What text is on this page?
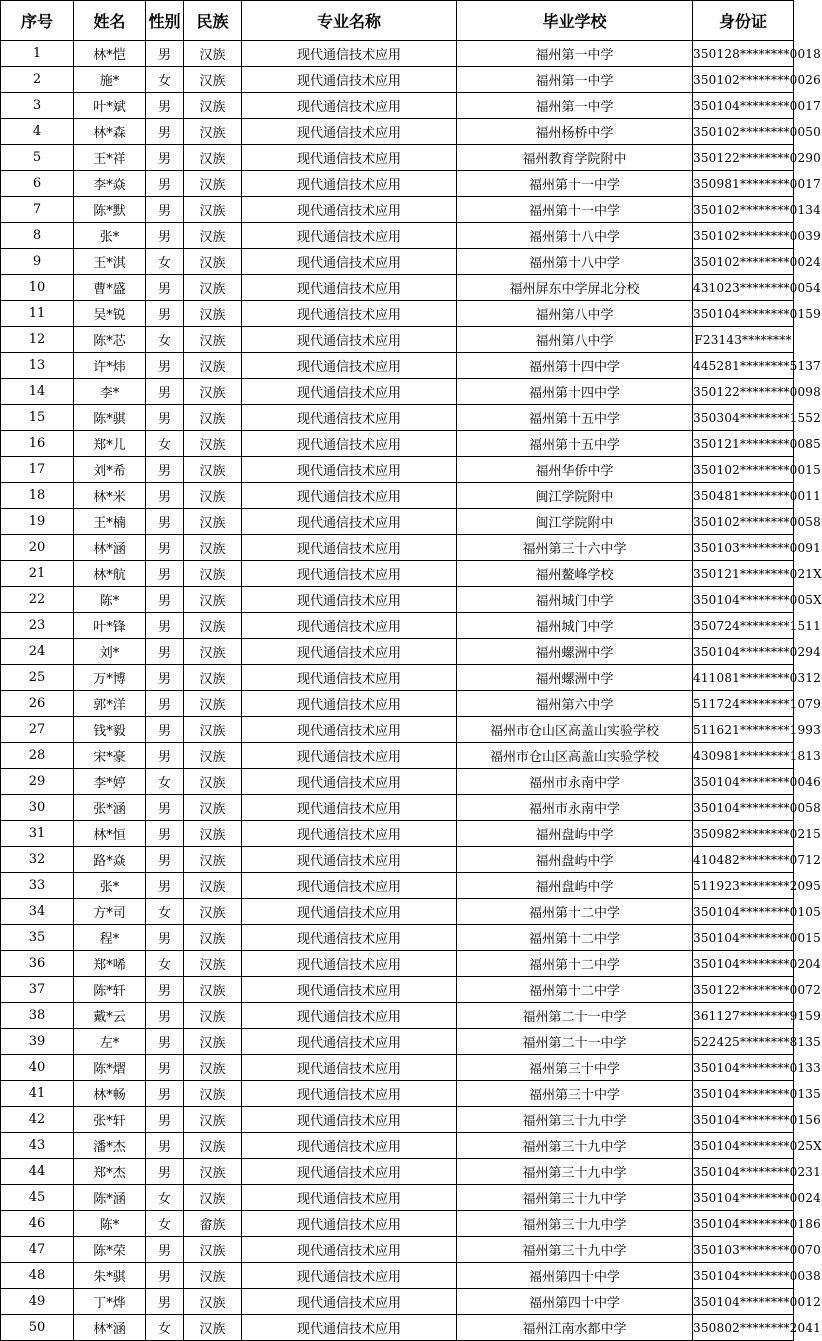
序号	姓名	性别	民族	专业名称	毕业学校	身份证
1	林*恺	男	汉族	现代通信技术应用	福州第一中学	350128********0018
2	施*	女	汉族	现代通信技术应用	福州第一中学	350102********0026
3	叶*斌	男	汉族	现代通信技术应用	福州第一中学	350104********0017
4	林*森	男	汉族	现代通信技术应用	福州杨桥中学	350102********0050
5	王*祥	男	汉族	现代通信技术应用	福州教育学院附中	350122********0290
6	李*焱	男	汉族	现代通信技术应用	福州第十一中学	350981********0017
7	陈*默	男	汉族	现代通信技术应用	福州第十一中学	350102********0134
8	张*	男	汉族	现代通信技术应用	福州第十八中学	350102********0039
9	王*淇	女	汉族	现代通信技术应用	福州第十八中学	350102********0024
10	曹*盛	男	汉族	现代通信技术应用	福州屏东中学屏北分校	431023********0054
11	吴*锐	男	汉族	现代通信技术应用	福州第八中学	350104********0159
12	陈*芯	女	汉族	现代通信技术应用	福州第八中学	F23143********
13	许*炜	男	汉族	现代通信技术应用	福州第十四中学	445281********5137
14	李*	男	汉族	现代通信技术应用	福州第十四中学	350122********0098
15	陈*骐	男	汉族	现代通信技术应用	福州第十五中学	350304********1552
16	郑*儿	女	汉族	现代通信技术应用	福州第十五中学	350121********0085
17	刘*希	男	汉族	现代通信技术应用	福州华侨中学	350102********0015
18	林*米	男	汉族	现代通信技术应用	闽江学院附中	350481********0011
19	王*楠	男	汉族	现代通信技术应用	闽江学院附中	350102********0058
20	林*涵	男	汉族	现代通信技术应用	福州第三十六中学	350103********0091
21	林*航	男	汉族	现代通信技术应用	福州鳌峰学校	350121********021X
22	陈*	男	汉族	现代通信技术应用	福州城门中学	350104********005X
23	叶*锋	男	汉族	现代通信技术应用	福州城门中学	350724********1511
24	刘*	男	汉族	现代通信技术应用	福州螺洲中学	350104********0294
25	万*博	男	汉族	现代通信技术应用	福州螺洲中学	411081********0312
26	郭*洋	男	汉族	现代通信技术应用	福州第六中学	511724********1079
27	钱*毅	男	汉族	现代通信技术应用	福州市仓山区高盖山实验学校	511621********1993
28	宋*豪	男	汉族	现代通信技术应用	福州市仓山区高盖山实验学校	430981********1813
29	李*婷	女	汉族	现代通信技术应用	福州市永南中学	350104********0046
30	张*涵	男	汉族	现代通信技术应用	福州市永南中学	350104********0058
31	林*恒	男	汉族	现代通信技术应用	福州盘屿中学	350982********0215
32	路*焱	男	汉族	现代通信技术应用	福州盘屿中学	410482********0712
33	张*	男	汉族	现代通信技术应用	福州盘屿中学	511923********2095
34	方*司	女	汉族	现代通信技术应用	福州第十二中学	350104********0105
35	程*	男	汉族	现代通信技术应用	福州第十二中学	350104********0015
36	郑*唏	女	汉族	现代通信技术应用	福州第十二中学	350104********0204
37	陈*轩	男	汉族	现代通信技术应用	福州第十二中学	350122********0072
38	戴*云	男	汉族	现代通信技术应用	福州第二十一中学	361127********9159
39	左*	男	汉族	现代通信技术应用	福州第二十一中学	522425********8135
40	陈*熠	男	汉族	现代通信技术应用	福州第三十中学	350104********0133
41	林*畅	男	汉族	现代通信技术应用	福州第三十中学	350104********0135
42	张*轩	男	汉族	现代通信技术应用	福州第三十九中学	350104********0156
43	潘*杰	男	汉族	现代通信技术应用	福州第三十九中学	350104********025X
44	郑*杰	男	汉族	现代通信技术应用	福州第三十九中学	350104********0231
45	陈*涵	女	汉族	现代通信技术应用	福州第三十九中学	350104********0024
46	陈*	女	畲族	现代通信技术应用	福州第三十九中学	350104********0186
47	陈*荣	男	汉族	现代通信技术应用	福州第三十九中学	350103********0070
48	朱*骐	男	汉族	现代通信技术应用	福州第四十中学	350104********0038
49	丁*烨	男	汉族	现代通信技术应用	福州第四十中学	350104********0012
50	林*涵	女	汉族	现代通信技术应用	福州江南水都中学	350802********2041
